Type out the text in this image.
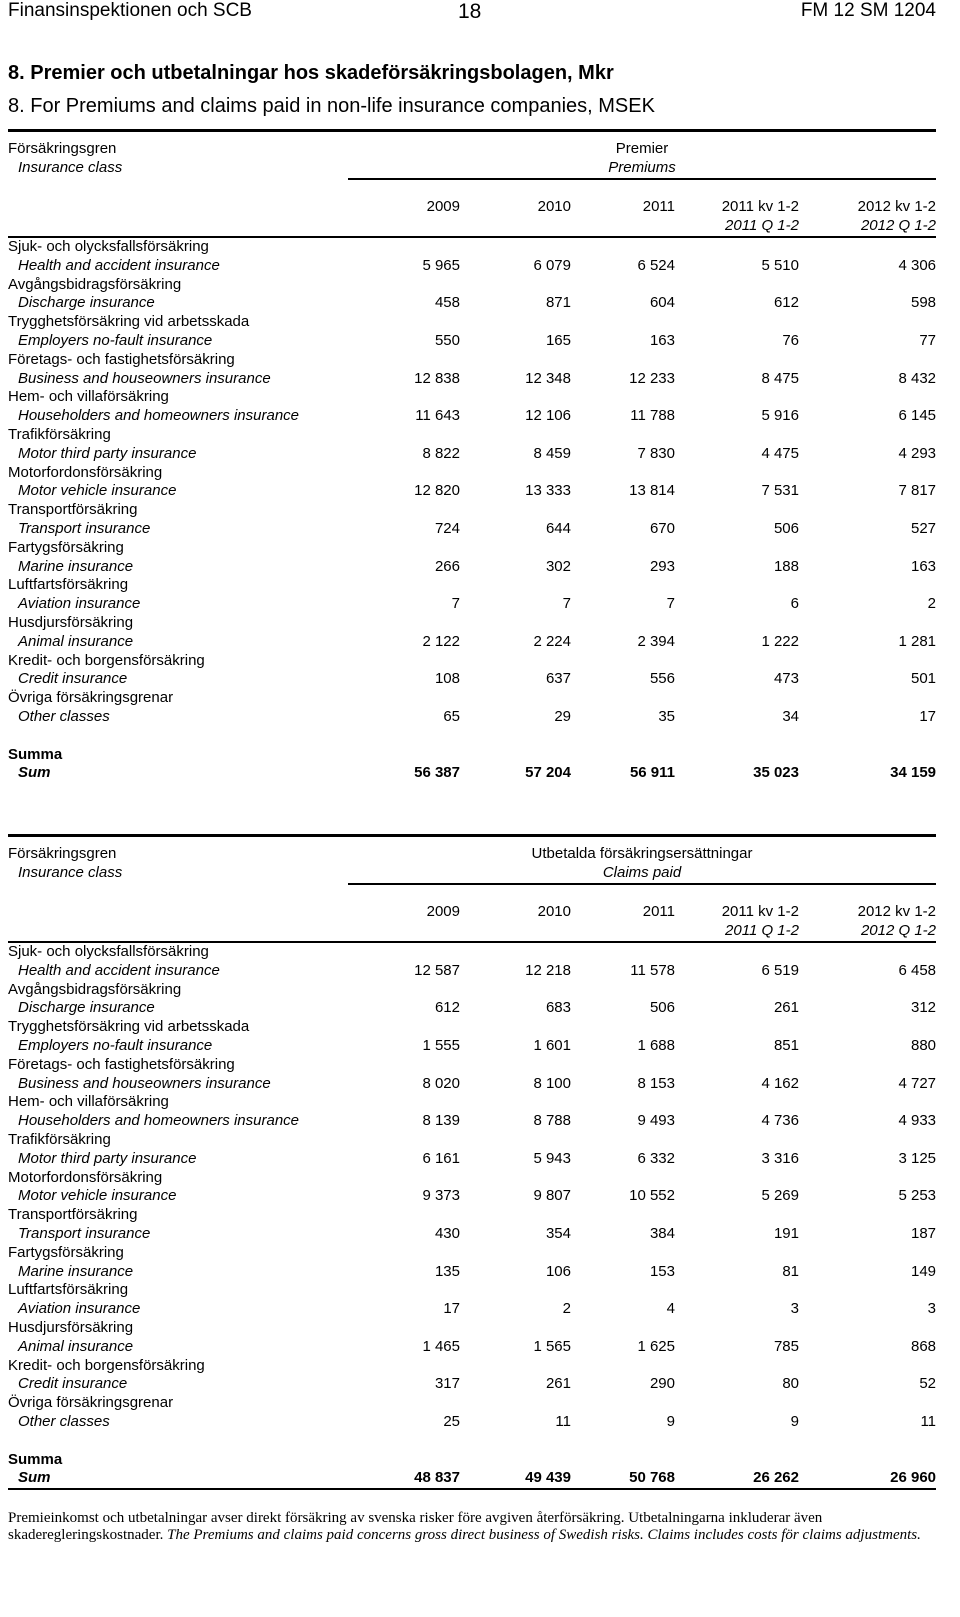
Finansinspektionen och SCB	18	FM 12 SM 1204
8. Premier och utbetalningar hos skadeförsäkringsbolagen, Mkr
8. For Premiums and claims paid in non-life insurance companies, MSEK
Försäkringsgren	Premier				
Insurance class	Premiums				

	2009	2010	2011	2011 kv 1-2	2012 kv 1-2
				2011 Q 1-2	2012 Q 1-2
Sjuk- och olycksfallsförsäkring					
Health and accident insurance	5 965	6 079	6 524	5 510	4 306
Avgångsbidragsförsäkring					
Discharge insurance	458	871	604	612	598
Trygghetsförsäkring vid arbetsskada					
Employers no-fault insurance	550	165	163	76	77
Företags- och fastighetsförsäkring					
Business and houseowners insurance	12 838	12 348	12 233	8 475	8 432
Hem- och villaförsäkring					
Householders and homeowners insurance	11 643	12 106	11 788	5 916	6 145
Trafikförsäkring					
Motor third party insurance	8 822	8 459	7 830	4 475	4 293
Motorfordonsförsäkring					
Motor vehicle insurance	12 820	13 333	13 814	7 531	7 817
Transportförsäkring					
Transport insurance	724	644	670	506	527
Fartygsförsäkring					
Marine insurance	266	302	293	188	163
Luftfartsförsäkring					
Aviation insurance	7	7	7	6	2
Husdjursförsäkring					
Animal insurance	2 122	2 224	2 394	1 222	1 281
Kredit- och borgensförsäkring					
Credit insurance	108	637	556	473	501
Övriga försäkringsgrenar					
Other classes	65	29	35	34	17

Summa					
Sum	56 387	57 204	56 911	35 023	34 159
Försäkringsgren	Utbetalda försäkringsersättningar				
Insurance class	Claims paid				

	2009	2010	2011	2011 kv 1-2	2012 kv 1-2
				2011 Q 1-2	2012 Q 1-2
Sjuk- och olycksfallsförsäkring					
Health and accident insurance	12 587	12 218	11 578	6 519	6 458
Avgångsbidragsförsäkring					
Discharge insurance	612	683	506	261	312
Trygghetsförsäkring vid arbetsskada					
Employers no-fault insurance	1 555	1 601	1 688	851	880
Företags- och fastighetsförsäkring					
Business and houseowners insurance	8 020	8 100	8 153	4 162	4 727
Hem- och villaförsäkring					
Householders and homeowners insurance	8 139	8 788	9 493	4 736	4 933
Trafikförsäkring					
Motor third party insurance	6 161	5 943	6 332	3 316	3 125
Motorfordonsförsäkring					
Motor vehicle insurance	9 373	9 807	10 552	5 269	5 253
Transportförsäkring					
Transport insurance	430	354	384	191	187
Fartygsförsäkring					
Marine insurance	135	106	153	81	149
Luftfartsförsäkring					
Aviation insurance	17	2	4	3	3
Husdjursförsäkring					
Animal insurance	1 465	1 565	1 625	785	868
Kredit- och borgensförsäkring					
Credit insurance	317	261	290	80	52
Övriga försäkringsgrenar					
Other classes	25	11	9	9	11

Summa					
Sum	48 837	49 439	50 768	26 262	26 960
Premieinkomst och utbetalningar avser direkt försäkring av svenska risker före avgiven återförsäkring. Utbetalningarna inkluderar även skaderegleringskostnader. The Premiums and claims paid concerns gross direct business of Swedish risks. Claims includes costs för claims adjustments.
